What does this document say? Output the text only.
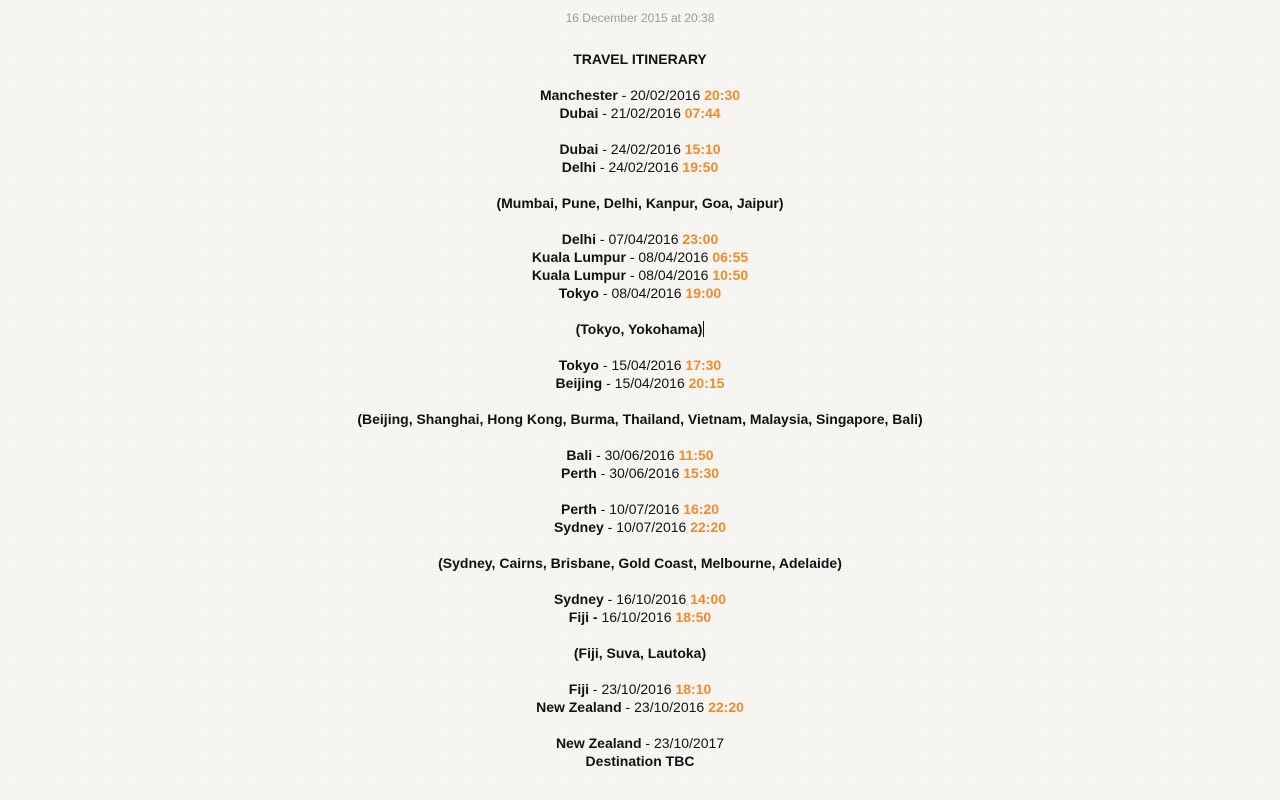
16 December 2015 at 20:38
TRAVEL ITINERARY
Manchester - 20/02/2016 20:30
Dubai - 21/02/2016 07:44
Dubai - 24/02/2016 15:10
Delhi - 24/02/2016 19:50
(Mumbai, Pune, Delhi, Kanpur, Goa, Jaipur)
Delhi - 07/04/2016 23:00
Kuala Lumpur - 08/04/2016 06:55
Kuala Lumpur - 08/04/2016 10:50
Tokyo - 08/04/2016 19:00
(Tokyo, Yokohama)
Tokyo - 15/04/2016 17:30
Beijing - 15/04/2016 20:15
(Beijing, Shanghai, Hong Kong, Burma, Thailand, Vietnam, Malaysia, Singapore, Bali)
Bali - 30/06/2016 11:50
Perth - 30/06/2016 15:30
Perth - 10/07/2016 16:20
Sydney - 10/07/2016 22:20
(Sydney, Cairns, Brisbane, Gold Coast, Melbourne, Adelaide)
Sydney - 16/10/2016 14:00
Fiji - 16/10/2016 18:50
(Fiji, Suva, Lautoka)
Fiji - 23/10/2016 18:10
New Zealand - 23/10/2016 22:20
New Zealand - 23/10/2017
Destination TBC
